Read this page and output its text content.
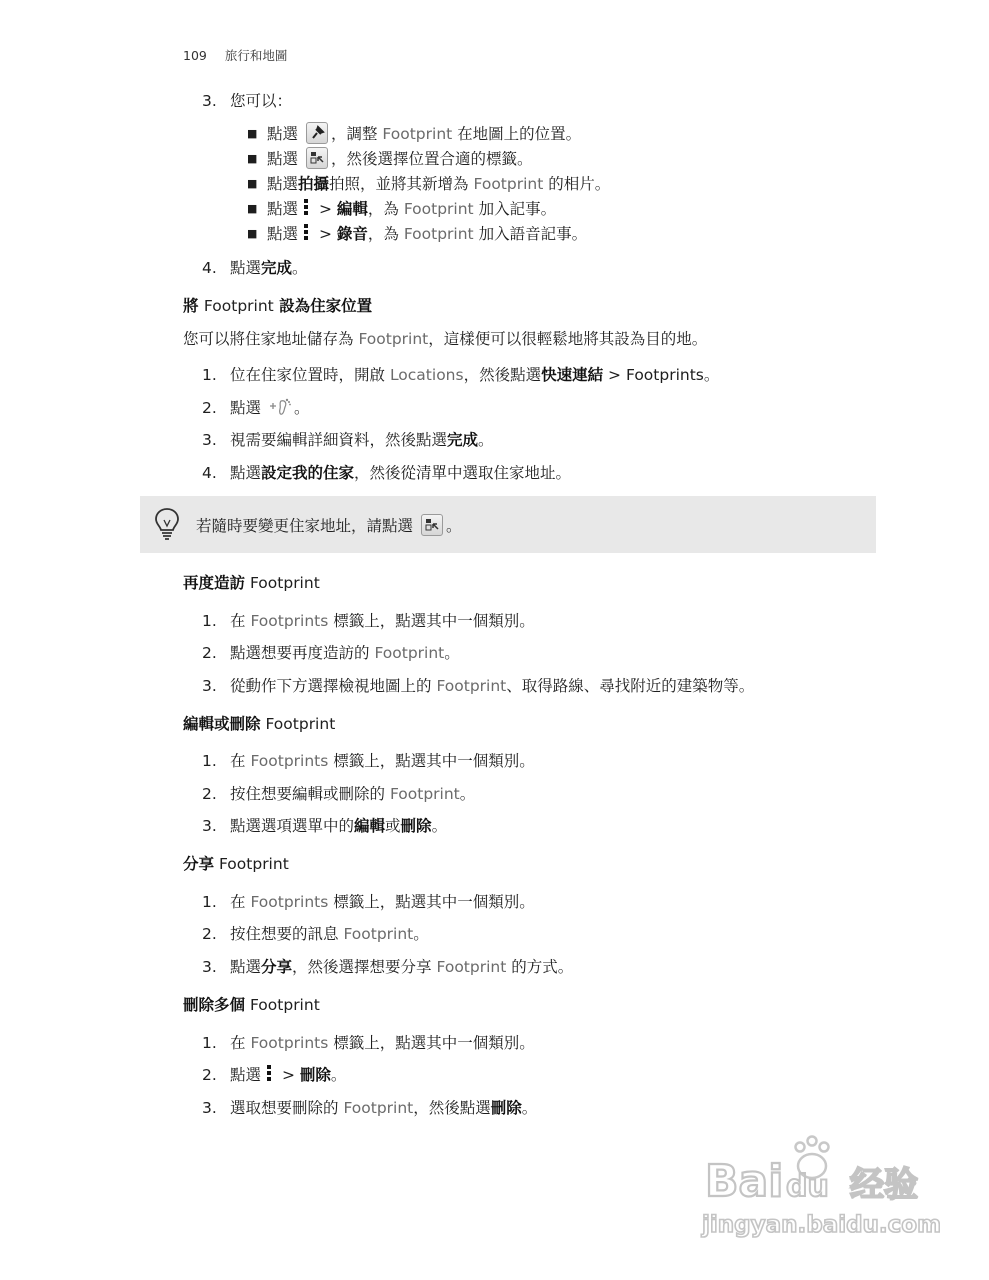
109 旅行和地圖
3. 您可以：
■ 點選 ，調整 Footprint 在地圖上的位置。
■ 點選 ，然後選擇位置合適的標籤。
■ 點選拍攝拍照，並將其新增為 Footprint 的相片。
■ 點選
> 編輯，為 Footprint 加入記事。
■ 點選
> 錄音，為 Footprint 加入語音記事。
4. 點選完成。
將 Footprint 設為住家位置
您可以將住家地址儲存為 Footprint，這樣便可以很輕鬆地將其設為目的地。
1. 位在住家位置時，開啟 Locations，然後點選快速連結 > Footprints。
2. 點選 。
3. 視需要編輯詳細資料，然後點選完成。
4. 點選設定我的住家，然後從清單中選取住家地址。
若隨時要變更住家地址，請點選 。
再度造訪 Footprint
1. 在 Footprints 標籤上，點選其中一個類別。
2. 點選想要再度造訪的 Footprint。
3. 從動作下方選擇檢視地圖上的 Footprint、取得路線、尋找附近的建築物等。
編輯或刪除 Footprint
1. 在 Footprints 標籤上，點選其中一個類別。
2. 按住想要編輯或刪除的 Footprint。
3. 點選選項選單中的編輯或刪除。
分享 Footprint
1. 在 Footprints 標籤上，點選其中一個類別。
2. 按住想要的訊息 Footprint。
3. 點選分享，然後選擇想要分享 Footprint 的方式。
刪除多個 Footprint
1. 在 Footprints 標籤上，點選其中一個類別。
2. 點選
> 刪除。
3. 選取想要刪除的 Footprint，然後點選刪除。
Bai du 经验
jingyan.baidu.com
